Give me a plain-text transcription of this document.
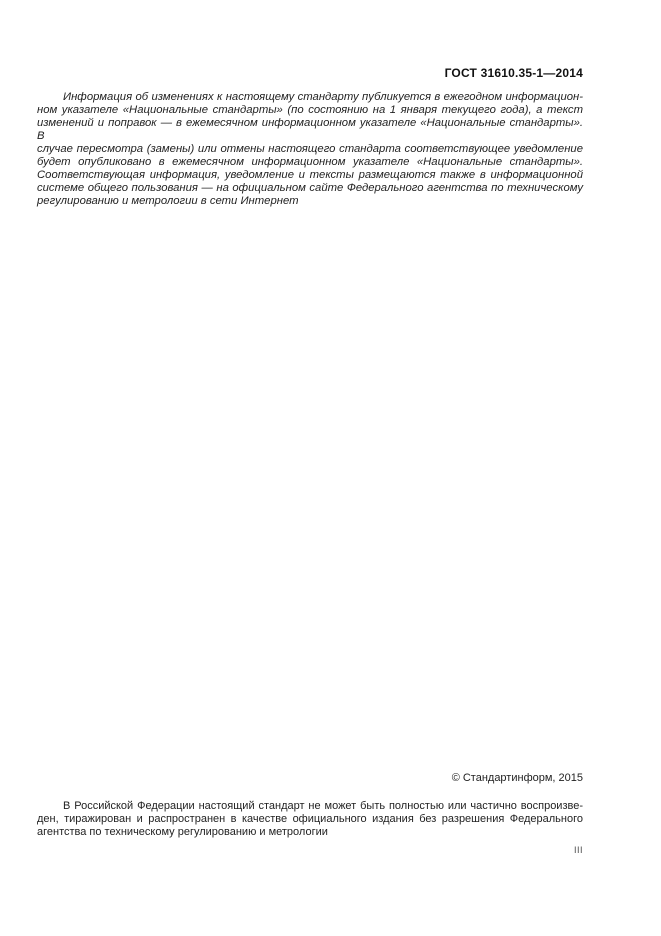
ГОСТ 31610.35-1—2014
Информация об изменениях к настоящему стандарту публикуется в ежегодном информацион-
ном указателе «Национальные стандарты» (по состоянию на 1 января текущего года), а текст
изменений и поправок — в ежемесячном информационном указателе «Национальные стандарты». В
случае пересмотра (замены) или отмены настоящего стандарта соответствующее уведомление
будет опубликовано в ежемесячном информационном указателе «Национальные стандарты».
Соответствующая информация, уведомление и тексты размещаются также в информационной
системе общего пользования — на официальном сайте Федерального агентства по техническому
регулированию и метрологии в сети Интернет
© Стандартинформ, 2015
В Российской Федерации настоящий стандарт не может быть полностью или частично воспроизве-
ден, тиражирован и распространен в качестве официального издания без разрешения Федерального
агентства по техническому регулированию и метрологии
III
